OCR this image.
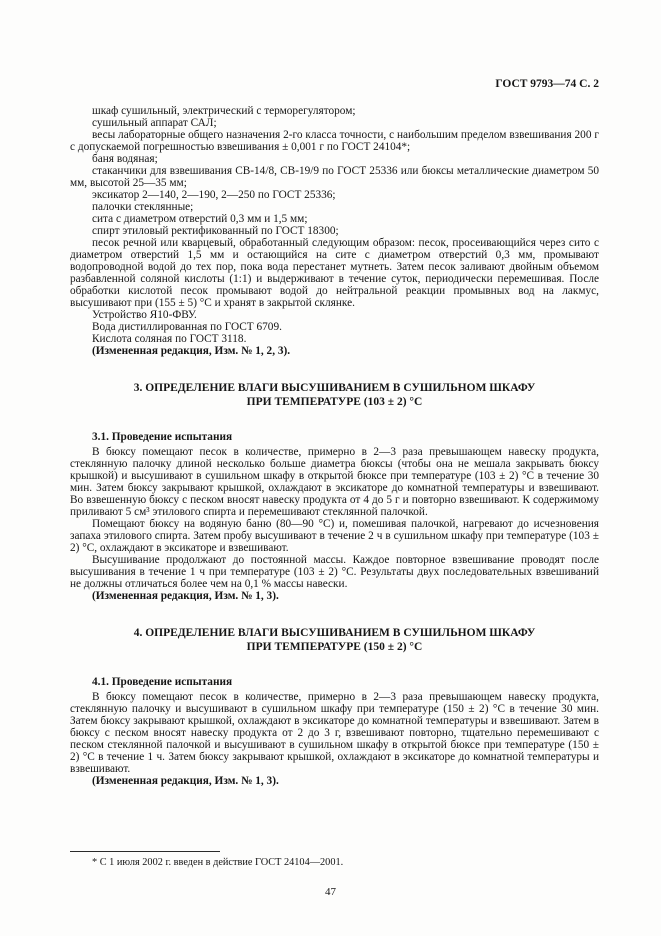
ГОСТ 9793—74 С. 2

шкаф сушильный, электрический с терморегулятором;

сушильный аппарат САЛ;

весы лабораторные общего назначения 2-го класса точности, с наибольшим пределом взвешивания 200 г с допускаемой погрешностью взвешивания ± 0,001 г по ГОСТ 24104*;

баня водяная;

стаканчики для взвешивания СВ-14/8, СВ-19/9 по ГОСТ 25336 или бюксы металлические диаметром 50 мм, высотой 25—35 мм;

эксикатор 2—140, 2—190, 2—250 по ГОСТ 25336;

палочки стеклянные;

сита с диаметром отверстий 0,3 мм и 1,5 мм;

спирт этиловый ректификованный по ГОСТ 18300;

песок речной или кварцевый, обработанный следующим образом: песок, просеивающийся через сито с диаметром отверстий 1,5 мм и остающийся на сите с диаметром отверстий 0,3 мм, промывают водопроводной водой до тех пор, пока вода перестанет мутнеть. Затем песок заливают двойным объемом разбавленной соляной кислоты (1:1) и выдерживают в течение суток, периодически перемешивая. После обработки кислотой песок промывают водой до нейтральной реакции промывных вод на лакмус, высушивают при (155 ± 5) °С и хранят в закрытой склянке.

Устройство Я10-ФВУ.

Вода дистиллированная по ГОСТ 6709.

Кислота соляная по ГОСТ 3118.

(Измененная редакция, Изм. № 1, 2, 3).

3. ОПРЕДЕЛЕНИЕ ВЛАГИ ВЫСУШИВАНИЕМ В СУШИЛЬНОМ ШКАФУ
ПРИ ТЕМПЕРАТУРЕ (103 ± 2) °С

3.1. Проведение испытания

В бюксу помещают песок в количестве, примерно в 2—3 раза превышающем навеску продукта, стеклянную палочку длиной несколько больше диаметра бюксы (чтобы она не мешала закрывать бюксу крышкой) и высушивают в сушильном шкафу в открытой бюксе при температуре (103 ± 2) °С в течение 30 мин. Затем бюксу закрывают крышкой, охлаждают в эксикаторе до комнатной температуры и взвешивают. Во взвешенную бюксу с песком вносят навеску продукта от 4 до 5 г и повторно взвешивают. К содержимому приливают 5 см³ этилового спирта и перемешивают стеклянной палочкой.

Помещают бюксу на водяную баню (80—90 °С) и, помешивая палочкой, нагревают до исчезновения запаха этилового спирта. Затем пробу высушивают в течение 2 ч в сушильном шкафу при температуре (103 ± 2) °С, охлаждают в эксикаторе и взвешивают.

Высушивание продолжают до постоянной массы. Каждое повторное взвешивание проводят после высушивания в течение 1 ч при температуре (103 ± 2) °С. Результаты двух последовательных взвешиваний не должны отличаться более чем на 0,1 % массы навески.

(Измененная редакция, Изм. № 1, 3).

4. ОПРЕДЕЛЕНИЕ ВЛАГИ ВЫСУШИВАНИЕМ В СУШИЛЬНОМ ШКАФУ
ПРИ ТЕМПЕРАТУРЕ (150 ± 2) °С

4.1. Проведение испытания

В бюксу помещают песок в количестве, примерно в 2—3 раза превышающем навеску продукта, стеклянную палочку и высушивают в сушильном шкафу при температуре (150 ± 2) °С в течение 30 мин. Затем бюксу закрывают крышкой, охлаждают в эксикаторе до комнатной температуры и взвешивают. Затем в бюксу с песком вносят навеску продукта от 2 до 3 г, взвешивают повторно, тщательно перемешивают с песком стеклянной палочкой и высушивают в сушильном шкафу в открытой бюксе при температуре (150 ± 2) °С в течение 1 ч. Затем бюксу закрывают крышкой, охлаждают в эксикаторе до комнатной температуры и взвешивают.

(Измененная редакция, Изм. № 1, 3).

* С 1 июля 2002 г. введен в действие ГОСТ 24104—2001.

47
